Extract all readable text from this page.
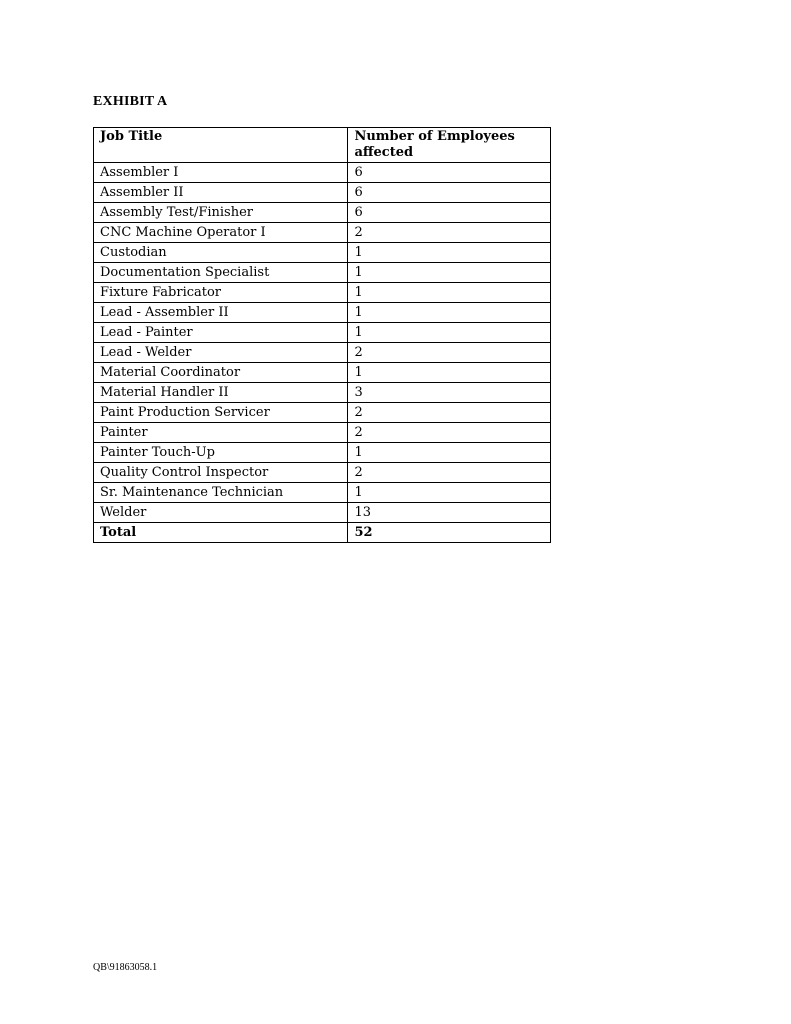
EXHIBIT A
Job Title	Number of Employees affected
Assembler I	6
Assembler II	6
Assembly Test/Finisher	6
CNC Machine Operator I	2
Custodian	1
Documentation Specialist	1
Fixture Fabricator	1
Lead - Assembler II	1
Lead - Painter	1
Lead - Welder	2
Material Coordinator	1
Material Handler II	3
Paint Production Servicer	2
Painter	2
Painter Touch-Up	1
Quality Control Inspector	2
Sr. Maintenance Technician	1
Welder	13
Total	52
QB\91863058.1
